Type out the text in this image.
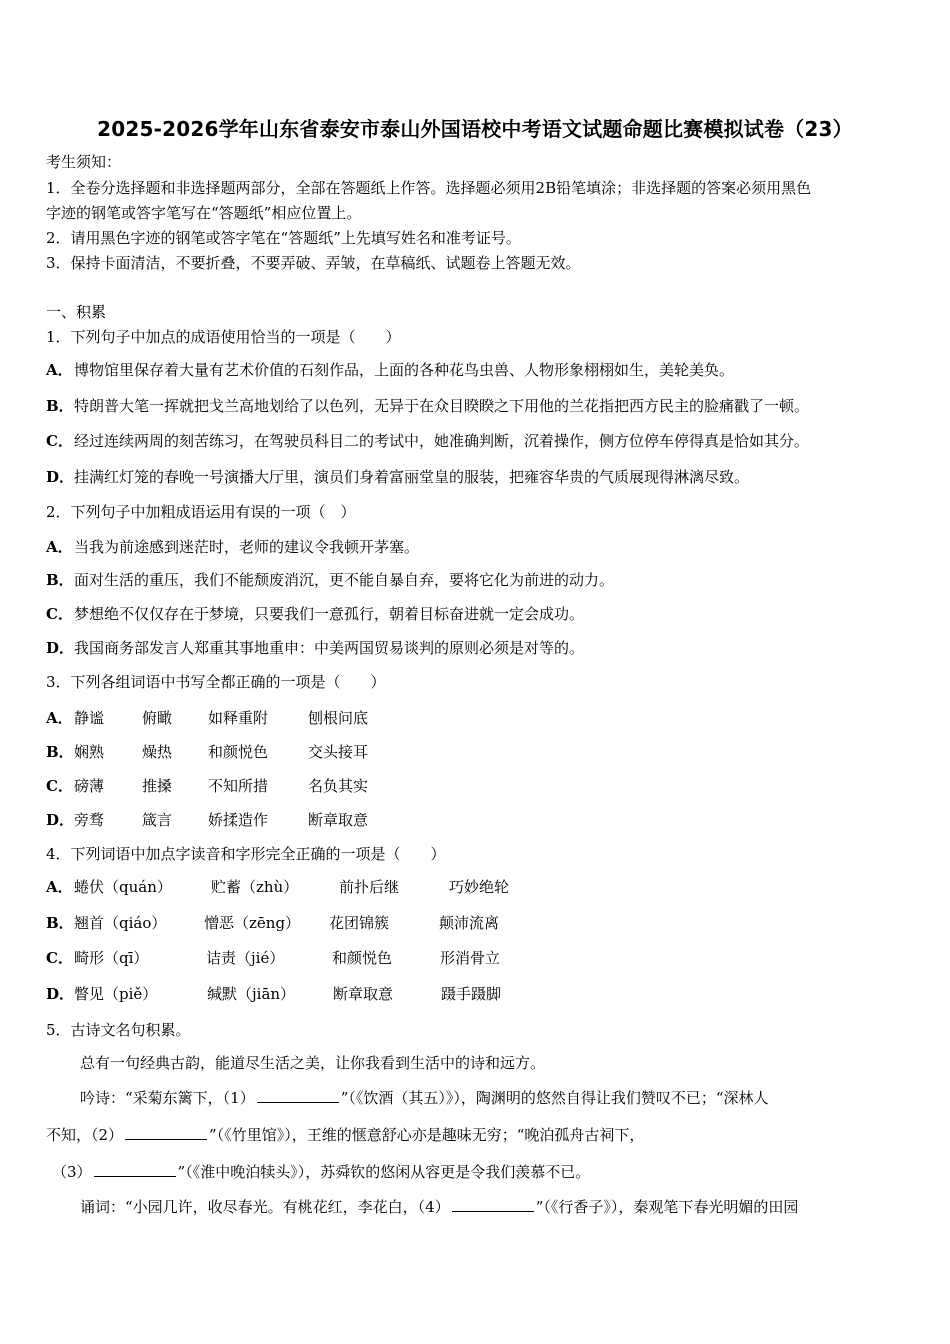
2025-2026学年山东省泰安市泰山外国语校中考语文试题命题比赛模拟试卷（23）
考生须知：
1．全卷分选择题和非选择题两部分，全部在答题纸上作答。选择题必须用2B铅笔填涂；非选择题的答案必须用黑色
字迹的钢笔或答字笔写在“答题纸”相应位置上。
2．请用黑色字迹的钢笔或答字笔在“答题纸”上先填写姓名和准考证号。
3．保持卡面清洁，不要折叠，不要弄破、弄皱，在草稿纸、试题卷上答题无效。
一、积累
1．下列句子中加点的成语使用恰当的一项是（　　）
A．博物馆里保存着大量有艺术价值的石刻作品，上面的各种花鸟虫兽、人物形象栩栩如生，美轮美奂。
B．特朗普大笔一挥就把戈兰高地划给了以色列，无异于在众目睽睽之下用他的兰花指把西方民主的脸痛戳了一顿。
C．经过连续两周的刻苦练习，在驾驶员科目二的考试中，她准确判断，沉着操作，侧方位停车停得真是恰如其分。
D．挂满红灯笼的春晚一号演播大厅里，演员们身着富丽堂皇的服装，把雍容华贵的气质展现得淋漓尽致。
2．下列句子中加粗成语运用有误的一项（　）
A．当我为前途感到迷茫时，老师的建议令我顿开茅塞。
B．面对生活的重压，我们不能颓废消沉，更不能自暴自弃，要将它化为前进的动力。
C．梦想绝不仅仅存在于梦境，只要我们一意孤行，朝着目标奋进就一定会成功。
D．我国商务部发言人郑重其事地重申：中美两国贸易谈判的原则必须是对等的。
3．下列各组词语中书写全都正确的一项是（　　）
A．静谧	俯瞰 如释重附	刨根问底
B．娴熟	燥热 和颜悦色	交头接耳
C．磅薄	推搡 不知所措	名负其实
D．旁骛	箴言 娇揉造作	断章取意
4．下列词语中加点字读音和字形完全正确的一项是（　　）
A．蜷伏（quán）	贮蓄（zhù）	前扑后继	巧妙绝轮
B．翘首（qiáo）	憎恶（zēng） 花团锦簇	颠沛流离
C．畸形（qī）	诘责（jié）	和颜悦色	形消骨立
D．瞥见（piě）	缄默（jiān）	断章取意	蹑手蹑脚
5．古诗文名句积累。
总有一句经典古韵，能道尽生活之美，让你我看到生活中的诗和远方。
吟诗：“采菊东篱下，（1）	”（《饮酒（其五）》），陶渊明的悠然自得让我们赞叹不已；“深林人
不知，（2）	”（《竹里馆》），王维的惬意舒心亦是趣味无穷；“晚泊孤舟古祠下，
（3）	”（《淮中晚泊犊头》），苏舜钦的悠闲从容更是令我们羡慕不已。
诵词：“小园几许，收尽春光。有桃花红，李花白，（4）	”（《行香子》），秦观笔下春光明媚的田园
